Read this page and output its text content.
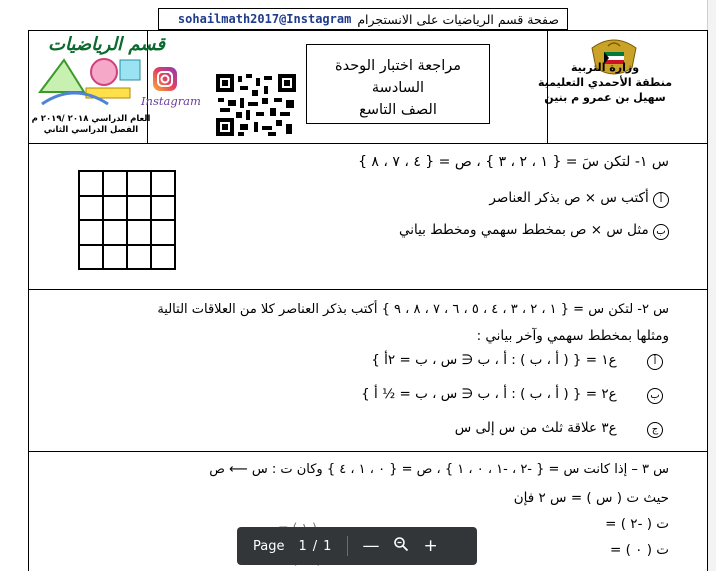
قسم الرياضيات
العام الدراسي ٢٠١٨ /٢٠١٩ م
الفصل الدراسي الثاني
صفحة قسم الرياضيات على الانستجرام
sohailmath2017@Instagram
Instagram
مراجعة اختبار الوحدة السادسة
الصف التاسع
وزارة التربية
منطقة الأحمدي التعليمية
سهيل بن عمرو م بنين
س ١- لتكن سَ = { ١ ، ٢ ، ٣ } ، ص = { ٤ ، ٧ ، ٨ }
أ أكتب س × ص بذكر العناصر
ب مثل س × ص بمخطط سهمي ومخطط بياني
س ٢- لتكن س = { ١ ، ٢ ، ٣ ، ٤ ، ٥ ، ٦ ، ٧ ، ٨ ، ٩ } أكتب بذكر العناصر كلا من العلاقات التالية
ومثلها بمخطط سهمي وآخر بياني :
أ ع١ = { ( أ ، ب ) : أ ، ب ∈ س ، ب = ٢أ }
ب ع٢ = { ( أ ، ب ) : أ ، ب ∈ س ، ب = ½ أ }
ج ع٣ علاقة ثلث من س إلى س
س ٣ – إذا كانت س = { -٢ ، -١ ، ٠ ، ١ } ، ص = { ٠ ، ١ ، ٤ } وكان ت : س ⟵ ص
حيث ت ( س ) = س ٢ فإن
ت ( -٢ ) =
ت ( ٠ ) =
Page 1 / 1 —	+
